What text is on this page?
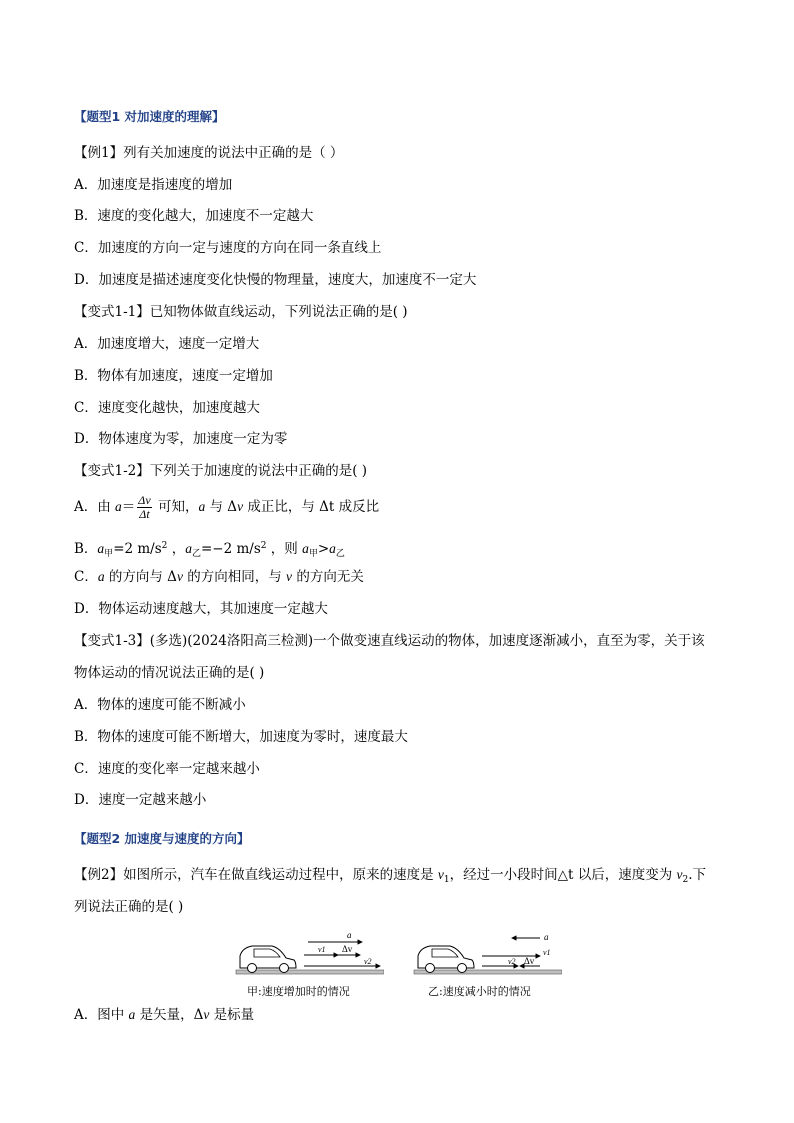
【题型1 对加速度的理解】
【例1】列有关加速度的说法中正确的是（ ）
A．加速度是指速度的增加
B．速度的变化越大，加速度不一定越大
C．加速度的方向一定与速度的方向在同一条直线上
D．加速度是描述速度变化快慢的物理量，速度大，加速度不一定大
【变式1-1】已知物体做直线运动，下列说法正确的是( )
A．加速度增大，速度一定增大
B．物体有加速度，速度一定增加
C．速度变化越快，加速度越大
D．物体速度为零，加速度一定为零
【变式1-2】下列关于加速度的说法中正确的是( )
A．由 $a= \frac{\Delta v}{\Delta t}$ 可知，a 与 Δv 成正比，与 Δt 成反比
B．$a_甲=2$ $m/s^2$ ，$a_乙=-2$ $m/s^2$ ，则 $a_甲>a_乙$
C．a 的方向与 Δv 的方向相同，与 v 的方向无关
D．物体运动速度越大，其加速度一定越大
【变式1-3】(多选)(2024洛阳高三检测)一个做变速直线运动的物体，加速度逐渐减小，直至为零，关于该
物体运动的情况说法正确的是( )
A．物体的速度可能不断减小
B．物体的速度可能不断增大，加速度为零时，速度最大
C．速度的变化率一定越来越小
D．速度一定越来越小
【题型2 加速度与速度的方向】
【例2】如图所示，汽车在做直线运动过程中，原来的速度是 $v_1$，经过一小段时间△t 以后，速度变为 $v_2$.下
列说法正确的是( )
a
v1 Δv
v2
甲:速度增加时的情况
a
v1
v2 Δv
乙:速度减小时的情况
A．图中 a 是矢量，Δv 是标量
